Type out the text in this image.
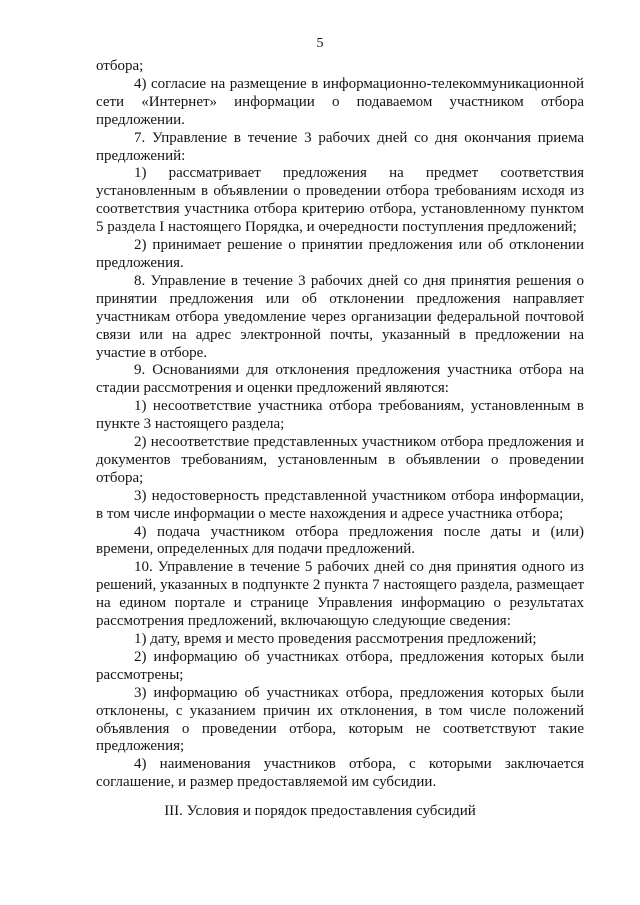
5

отбора;

4) согласие на размещение в информационно-телекоммуникационной сети «Интернет» информации о подаваемом участником отбора предложении.

7. Управление в течение 3 рабочих дней со дня окончания приема предложений:

1) рассматривает предложения на предмет соответствия установленным в объявлении о проведении отбора требованиям исходя из соответствия участника отбора критерию отбора, установленному пунктом 5 раздела I настоящего Порядка, и очередности поступления предложений;

2) принимает решение о принятии предложения или об отклонении предложения.

8. Управление в течение 3 рабочих дней со дня принятия решения о принятии предложения или об отклонении предложения направляет участникам отбора уведомление через организации федеральной почтовой связи или на адрес электронной почты, указанный в предложении на участие в отборе.

9. Основаниями для отклонения предложения участника отбора на стадии рассмотрения и оценки предложений являются:

1) несоответствие участника отбора требованиям, установленным в пункте 3 настоящего раздела;

2) несоответствие представленных участником отбора предложения и документов требованиям, установленным в объявлении о проведении отбора;

3) недостоверность представленной участником отбора информации, в том числе информации о месте нахождения и адресе участника отбора;

4) подача участником отбора предложения после даты и (или) времени, определенных для подачи предложений.

10. Управление в течение 5 рабочих дней со дня принятия одного из решений, указанных в подпункте 2 пункта 7 настоящего раздела, размещает на едином портале и странице Управления информацию о результатах рассмотрения предложений, включающую следующие сведения:

1) дату, время и место проведения рассмотрения предложений;

2) информацию об участниках отбора, предложения которых были рассмотрены;

3) информацию об участниках отбора, предложения которых были отклонены, с указанием причин их отклонения, в том числе положений объявления о проведении отбора, которым не соответствуют такие предложения;

4) наименования участников отбора, с которыми заключается соглашение, и размер предоставляемой им субсидии.

III. Условия и порядок предоставления субсидий
